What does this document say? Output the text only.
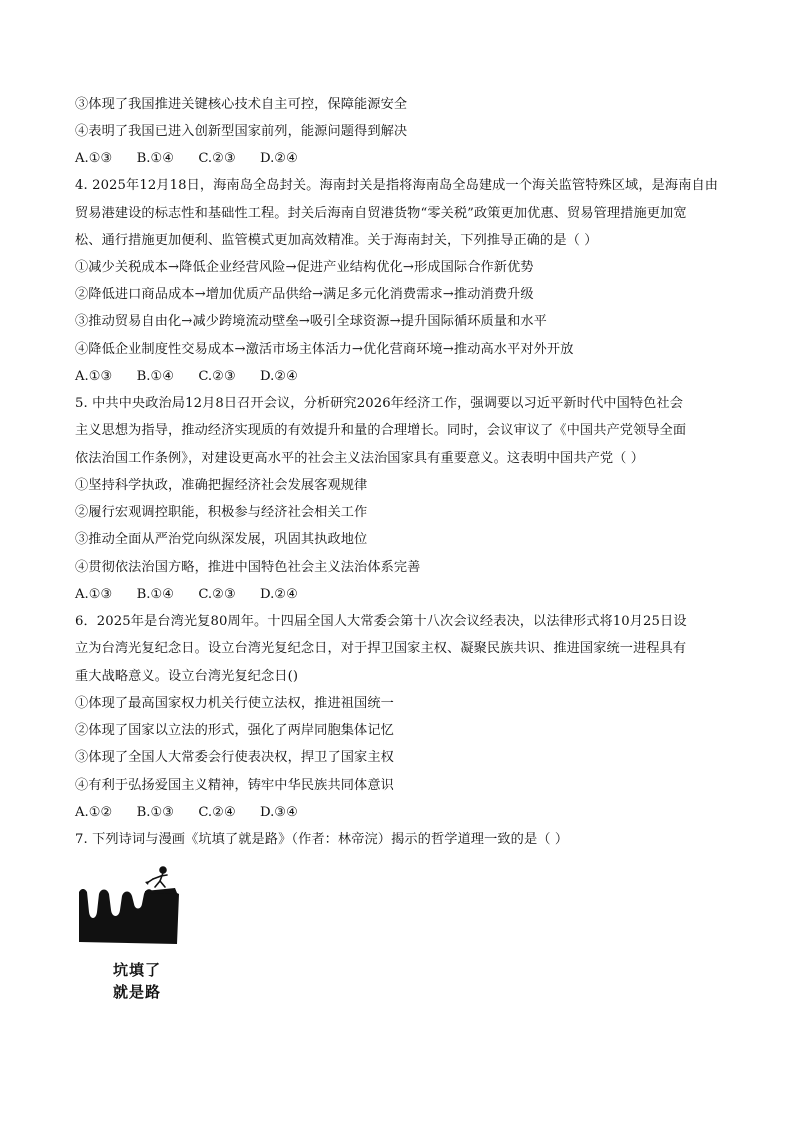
③体现了我国推进关键核心技术自主可控，保障能源安全
④表明了我国已进入创新型国家前列，能源问题得到解决
A.①③ B.①④ C.②③ D.②④
4. 2025年12月18日，海南岛全岛封关。海南封关是指将海南岛全岛建成一个海关监管特殊区域，是海南自由
贸易港建设的标志性和基础性工程。封关后海南自贸港货物“零关税”政策更加优惠、贸易管理措施更加宽
松、通行措施更加便利、监管模式更加高效精准。关于海南封关，下列推导正确的是（ ）
①减少关税成本→降低企业经营风险→促进产业结构优化→形成国际合作新优势
②降低进口商品成本→增加优质产品供给→满足多元化消费需求→推动消费升级
③推动贸易自由化→减少跨境流动壁垒→吸引全球资源→提升国际循环质量和水平
④降低企业制度性交易成本→激活市场主体活力→优化营商环境→推动高水平对外开放
A.①③ B.①④ C.②③ D.②④
5. 中共中央政治局12月8日召开会议，分析研究2026年经济工作，强调要以习近平新时代中国特色社会
主义思想为指导，推动经济实现质的有效提升和量的合理增长。同时，会议审议了《中国共产党领导全面
依法治国工作条例》，对建设更高水平的社会主义法治国家具有重要意义。这表明中国共产党（ ）
①坚持科学执政，准确把握经济社会发展客观规律
②履行宏观调控职能，积极参与经济社会相关工作
③推动全面从严治党向纵深发展，巩固其执政地位
④贯彻依法治国方略，推进中国特色社会主义法治体系完善
A.①③ B.①④ C.②③ D.②④
6．2025年是台湾光复80周年。十四届全国人大常委会第十八次会议经表决，以法律形式将10月25日设
立为台湾光复纪念日。设立台湾光复纪念日，对于捍卫国家主权、凝聚民族共识、推进国家统一进程具有
重大战略意义。设立台湾光复纪念日()
①体现了最高国家权力机关行使立法权，推进祖国统一
②体现了国家以立法的形式，强化了两岸同胞集体记忆
③体现了全国人大常委会行使表决权，捍卫了国家主权
④有利于弘扬爱国主义精神，铸牢中华民族共同体意识
A.①② B.①③ C.②④ D.③④
7. 下列诗词与漫画《坑填了就是路》（作者：林帝浣）揭示的哲学道理一致的是（ ）
坑填了
就是路
